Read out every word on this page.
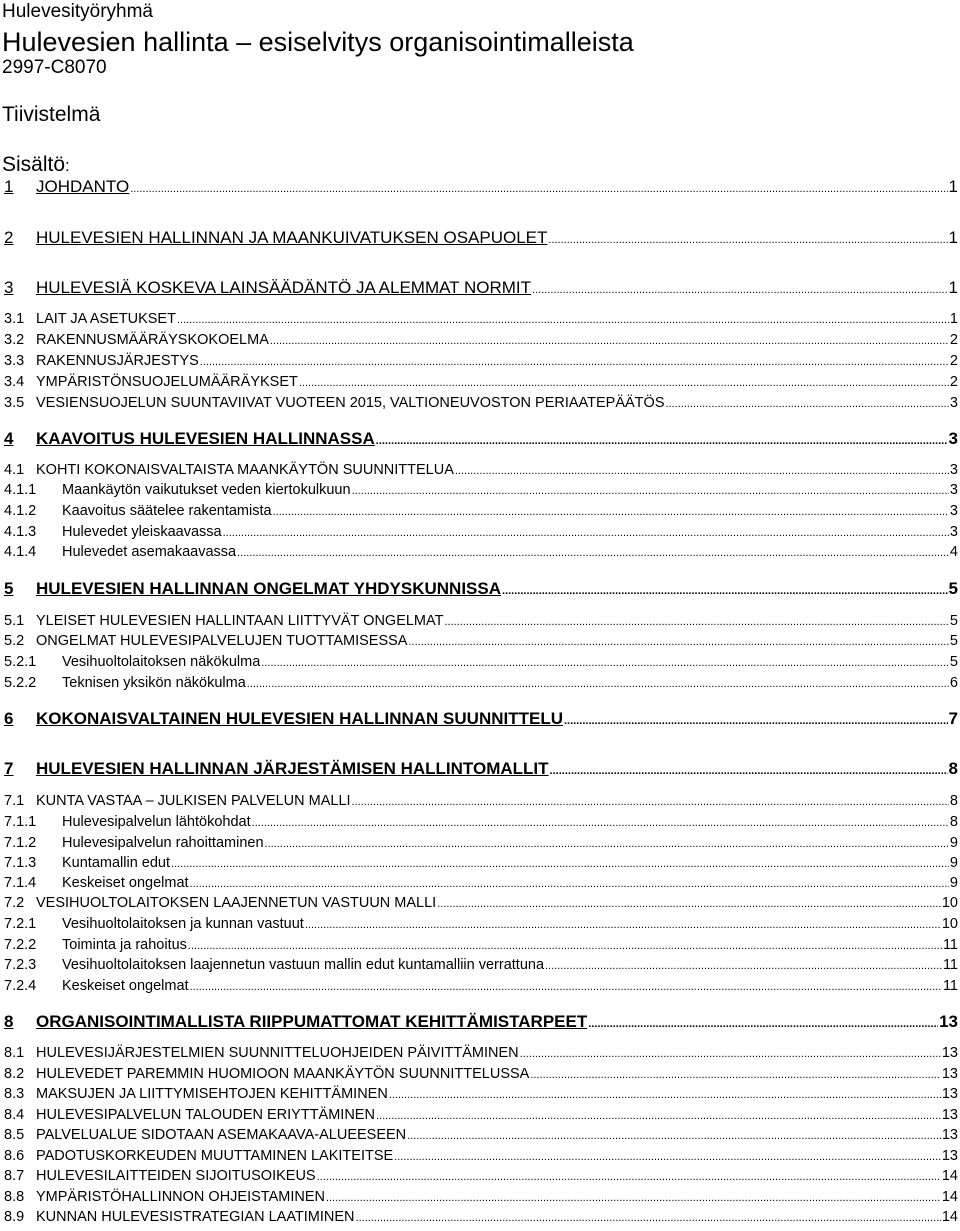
Hulevesityöryhmä
Hulevesien hallinta – esiselvitys organisointimalleista
2997-C8070
Tiivistelmä
Sisältö:
1	JOHDANTO .....	1
2	HULEVESIEN HALLINNAN JA MAANKUIVATUKSEN OSAPUOLET .....	1
3	HULEVESIÄ KOSKEVA LAINSÄÄDÄNTÖ JA ALEMMAT NORMIT .....	1
3.1 LAIT JA ASETUKSET .....	1
3.2 RAKENNUSMÄÄRÄYSKOKOELMA .....	2
3.3 RAKENNUSJÄRJESTYS .....	2
3.4 YMPÄRISTÖNSUOJELUMÄÄRÄYKSET .....	2
3.5 VESIENSUOJELUN SUUNTAVIIVAT VUOTEEN 2015, VALTIONEUVOSTON PERIAATEPÄÄTÖS .....	3
4	KAAVOITUS HULEVESIEN HALLINNASSA .....	3
4.1 KOHTI KOKONAISVALTAISTA MAANKÄYTÖN SUUNNITTELUA .....	3
4.1.1	Maankäytön vaikutukset veden kiertokulkuun .....	3
4.1.2	Kaavoitus säätelee rakentamista .....	3
4.1.3	Hulevedet yleiskaavassa .....	3
4.1.4	Hulevedet asemakaavassa .....	4
5	HULEVESIEN HALLINNAN ONGELMAT YHDYSKUNNISSA .....	5
5.1 YLEISET HULEVESIEN HALLINTAAN LIITTYVÄT ONGELMAT .....	5
5.2 ONGELMAT HULEVESIPALVELUJEN TUOTTAMISESSA .....	5
5.2.1	Vesihuoltolaitoksen näkökulma .....	5
5.2.2	Teknisen yksikön näkökulma .....	6
6	KOKONAISVALTAINEN HULEVESIEN HALLINNAN SUUNNITTELU .....	7
7	HULEVESIEN HALLINNAN JÄRJESTÄMISEN HALLINTOMALLIT .....	8
7.1 KUNTA VASTAA – JULKISEN PALVELUN MALLI .....	8
7.1.1	Hulevesipalvelun lähtökohdat .....	8
7.1.2	Hulevesipalvelun rahoittaminen .....	9
7.1.3	Kuntamallin edut .....	9
7.1.4	Keskeiset ongelmat .....	9
7.2 VESIHUOLTOLAITOKSEN LAAJENNETUN VASTUUN MALLI .....	10
7.2.1	Vesihuoltolaitoksen ja kunnan vastuut .....	10
7.2.2	Toiminta ja rahoitus .....	11
7.2.3	Vesihuoltolaitoksen laajennetun vastuun mallin edut kuntamalliin verrattuna .....	11
7.2.4	Keskeiset ongelmat .....	11
8	ORGANISOINTIMALLISTA RIIPPUMATTOMAT KEHITTÄMISTARPEET .....	13
8.1 HULEVESIJÄRJESTELMIEN SUUNNITTELUOHJEIDEN PÄIVITTÄMINEN .....	13
8.2 HULEVEDET PAREMMIN HUOMIOON MAANKÄYTÖN SUUNNITTELUSSA .....	13
8.3 MAKSUJEN JA LIITTYMISEHTOJEN KEHITTÄMINEN .....	13
8.4 HULEVESIPALVELUN TALOUDEN ERIYTTÄMINEN .....	13
8.5 PALVELUALUE SIDOTAAN ASEMAKAAVA-ALUEESEEN .....	13
8.6 PADOTUSKORKEUDEN MUUTTAMINEN LAKITEITSE .....	13
8.7 HULEVESILAITTEIDEN SIJOITUSOIKEUS .....	14
8.8 YMPÄRISTÖHALLINNON OHJEISTAMINEN .....	14
8.9 KUNNAN HULEVESISTRATEGIAN LAATIMINEN .....	14
